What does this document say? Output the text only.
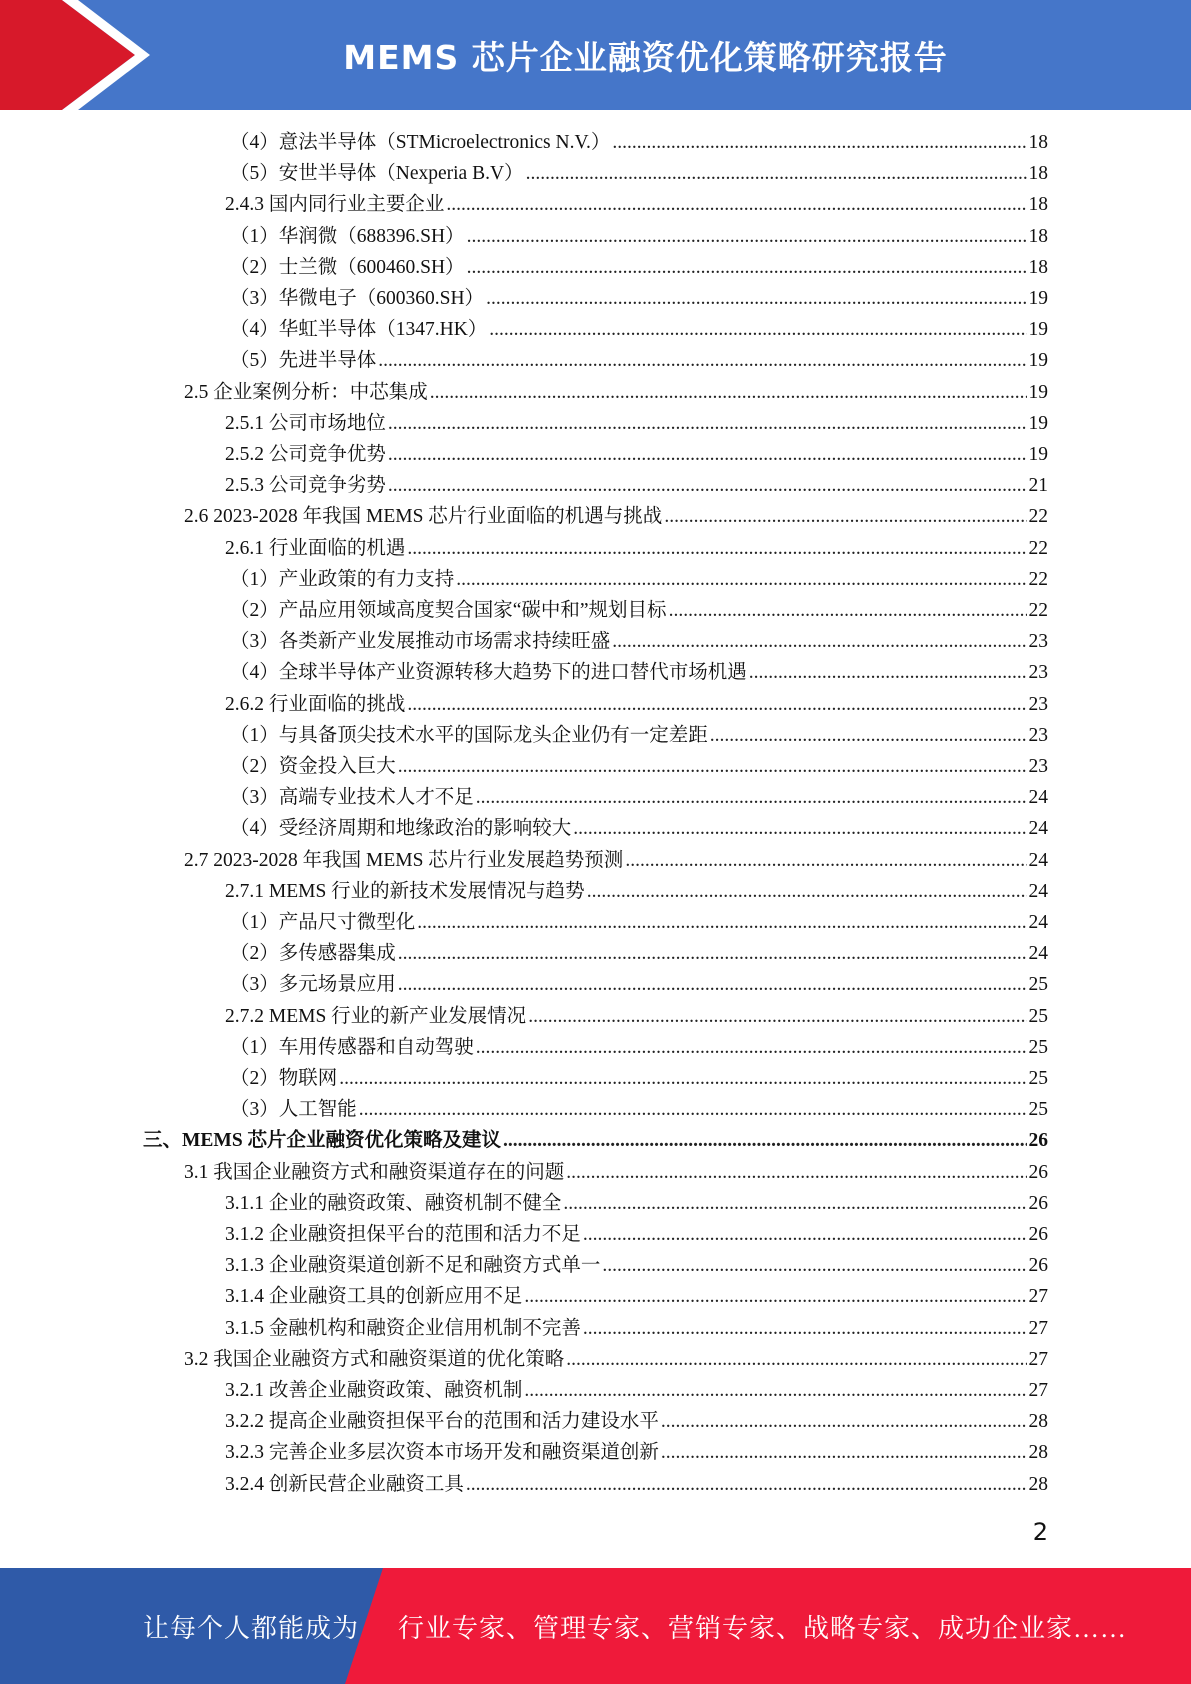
MEMS 芯片企业融资优化策略研究报告
（4）意法半导体（STMicroelectronics N.V.） .....	18
（5）安世半导体（Nexperia B.V） .....	18
2.4.3 国内同行业主要企业 .....	18
（1）华润微（688396.SH） .....	18
（2）士兰微（600460.SH） .....	18
（3）华微电子（600360.SH） .....	19
（4）华虹半导体（1347.HK） .....	19
（5）先进半导体 .....	19
2.5 企业案例分析：中芯集成 .....	19
2.5.1 公司市场地位 .....	19
2.5.2 公司竞争优势 .....	19
2.5.3 公司竞争劣势 .....	21
2.6 2023-2028 年我国 MEMS 芯片行业面临的机遇与挑战 .....	22
2.6.1 行业面临的机遇 .....	22
（1）产业政策的有力支持 .....	22
（2）产品应用领域高度契合国家“碳中和”规划目标 .....	22
（3）各类新产业发展推动市场需求持续旺盛 .....	23
（4）全球半导体产业资源转移大趋势下的进口替代市场机遇 .....	23
2.6.2 行业面临的挑战 .....	23
（1）与具备顶尖技术水平的国际龙头企业仍有一定差距 .....	23
（2）资金投入巨大 .....	23
（3）高端专业技术人才不足 .....	24
（4）受经济周期和地缘政治的影响较大 .....	24
2.7 2023-2028 年我国 MEMS 芯片行业发展趋势预测 .....	24
2.7.1 MEMS 行业的新技术发展情况与趋势 .....	24
（1）产品尺寸微型化 .....	24
（2）多传感器集成 .....	24
（3）多元场景应用 .....	25
2.7.2 MEMS 行业的新产业发展情况 .....	25
（1）车用传感器和自动驾驶 .....	25
（2）物联网 .....	25
（3）人工智能 .....	25
三、MEMS 芯片企业融资优化策略及建议 .....	26
3.1 我国企业融资方式和融资渠道存在的问题 .....	26
3.1.1 企业的融资政策、融资机制不健全 .....	26
3.1.2 企业融资担保平台的范围和活力不足 .....	26
3.1.3 企业融资渠道创新不足和融资方式单一 .....	26
3.1.4 企业融资工具的创新应用不足 .....	27
3.1.5 金融机构和融资企业信用机制不完善 .....	27
3.2 我国企业融资方式和融资渠道的优化策略 .....	27
3.2.1 改善企业融资政策、融资机制 .....	27
3.2.2 提高企业融资担保平台的范围和活力建设水平 .....	28
3.2.3 完善企业多层次资本市场开发和融资渠道创新 .....	28
3.2.4 创新民营企业融资工具 .....	28
2
让每个人都能成为 行业专家、管理专家、营销专家、战略专家、成功企业家……
